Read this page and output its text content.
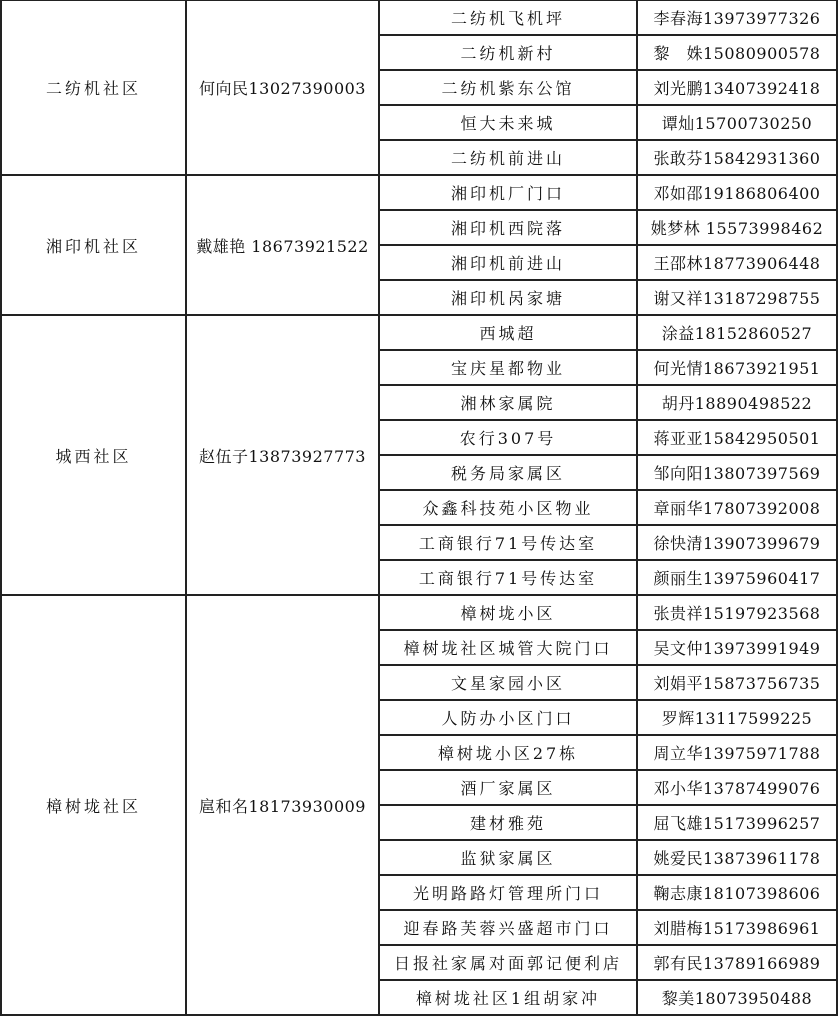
二纺机社区	何向民13027390003	二纺机飞机坪	李春海13973977326
		二纺机新村	黎　姝15080900578
		二纺机紫东公馆	刘光鹏13407392418
		恒大未来城	谭灿15700730250
		二纺机前进山	张敢芬15842931360
湘印机社区	戴雄艳 18673921522	湘印机厂门口	邓如邵19186806400
		湘印机西院落	姚梦林 15573998462
		湘印机前进山	王邵林18773906448
		湘印机呙家塘	谢又祥13187298755
城西社区	赵伍子13873927773	西城超	涂益18152860527
		宝庆星都物业	何光情18673921951
		湘林家属院	胡丹18890498522
		农行307号	蒋亚亚15842950501
		税务局家属区	邹向阳13807397569
		众鑫科技苑小区物业	章丽华17807392008
		工商银行71号传达室	徐快清13907399679
		工商银行71号传达室	颜丽生13975960417
樟树垅社区	扈和名18173930009	樟树垅小区	张贵祥15197923568
		樟树垅社区城管大院门口	吴文仲13973991949
		文星家园小区	刘娟平15873756735
		人防办小区门口	罗辉13117599225
		樟树垅小区27栋	周立华13975971788
		酒厂家属区	邓小华13787499076
		建材雅苑	屈飞雄15173996257
		监狱家属区	姚爱民13873961178
		光明路路灯管理所门口	鞠志康18107398606
		迎春路芙蓉兴盛超市门口	刘腊梅15173986961
		日报社家属对面郭记便利店	郭有民13789166989
		樟树垅社区1组胡家冲	黎美18073950488
